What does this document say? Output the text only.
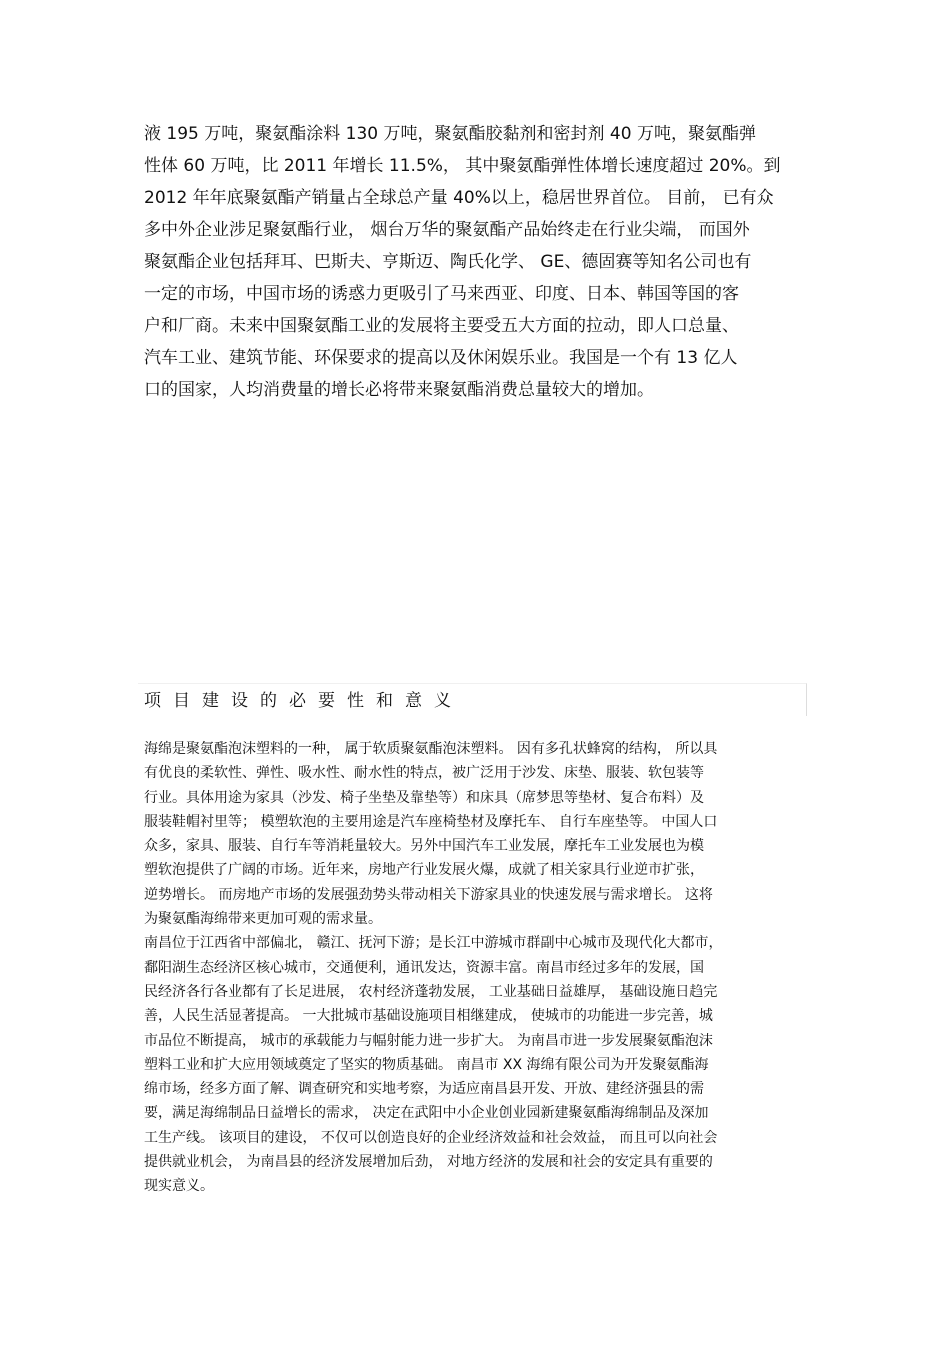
液 195 万吨，聚氨酯涂料 130 万吨，聚氨酯胶黏剂和密封剂 40 万吨，聚氨酯弹
性体 60 万吨，比 2011 年增长 11.5%， 其中聚氨酯弹性体增长速度超过 20%。到
2012 年年底聚氨酯产销量占全球总产量 40%以上，稳居世界首位。 目前， 已有众
多中外企业涉足聚氨酯行业， 烟台万华的聚氨酯产品始终走在行业尖端， 而国外
聚氨酯企业包括拜耳、巴斯夫、亨斯迈、陶氏化学、 GE、德固赛等知名公司也有
一定的市场，中国市场的诱惑力更吸引了马来西亚、印度、日本、韩国等国的客
户和厂商。未来中国聚氨酯工业的发展将主要受五大方面的拉动，即人口总量、
汽车工业、建筑节能、环保要求的提高以及休闲娱乐业。我国是一个有 13 亿人
口的国家，人均消费量的增长必将带来聚氨酯消费总量较大的增加。
项目建设的必要性和意义
海绵是聚氨酯泡沫塑料的一种， 属于软质聚氨酯泡沫塑料。 因有多孔状蜂窝的结构， 所以具
有优良的柔软性、弹性、吸水性、耐水性的特点，被广泛用于沙发、床垫、服装、软包装等
行业。具体用途为家具（沙发、椅子坐垫及靠垫等）和床具（席梦思等垫材、复合布料）及
服装鞋帽衬里等； 模塑软泡的主要用途是汽车座椅垫材及摩托车、 自行车座垫等。 中国人口
众多，家具、服装、自行车等消耗量较大。另外中国汽车工业发展，摩托车工业发展也为模
塑软泡提供了广阔的市场。近年来，房地产行业发展火爆，成就了相关家具行业逆市扩张，
逆势增长。 而房地产市场的发展强劲势头带动相关下游家具业的快速发展与需求增长。 这将
为聚氨酯海绵带来更加可观的需求量。
南昌位于江西省中部偏北， 赣江、抚河下游；是长江中游城市群副中心城市及现代化大都市，
鄱阳湖生态经济区核心城市，交通便利，通讯发达，资源丰富。南昌市经过多年的发展，国
民经济各行各业都有了长足进展， 农村经济蓬勃发展， 工业基础日益雄厚， 基础设施日趋完
善，人民生活显著提高。 一大批城市基础设施项目相继建成， 使城市的功能进一步完善，城
市品位不断提高， 城市的承载能力与幅射能力进一步扩大。 为南昌市进一步发展聚氨酯泡沫
塑料工业和扩大应用领域奠定了坚实的物质基础。 南昌市 XX 海绵有限公司为开发聚氨酯海
绵市场，经多方面了解、调查研究和实地考察，为适应南昌县开发、开放、建经济强县的需
要，满足海绵制品日益增长的需求， 决定在武阳中小企业创业园新建聚氨酯海绵制品及深加
工生产线。 该项目的建设， 不仅可以创造良好的企业经济效益和社会效益， 而且可以向社会
提供就业机会， 为南昌县的经济发展增加后劲， 对地方经济的发展和社会的安定具有重要的
现实意义。
